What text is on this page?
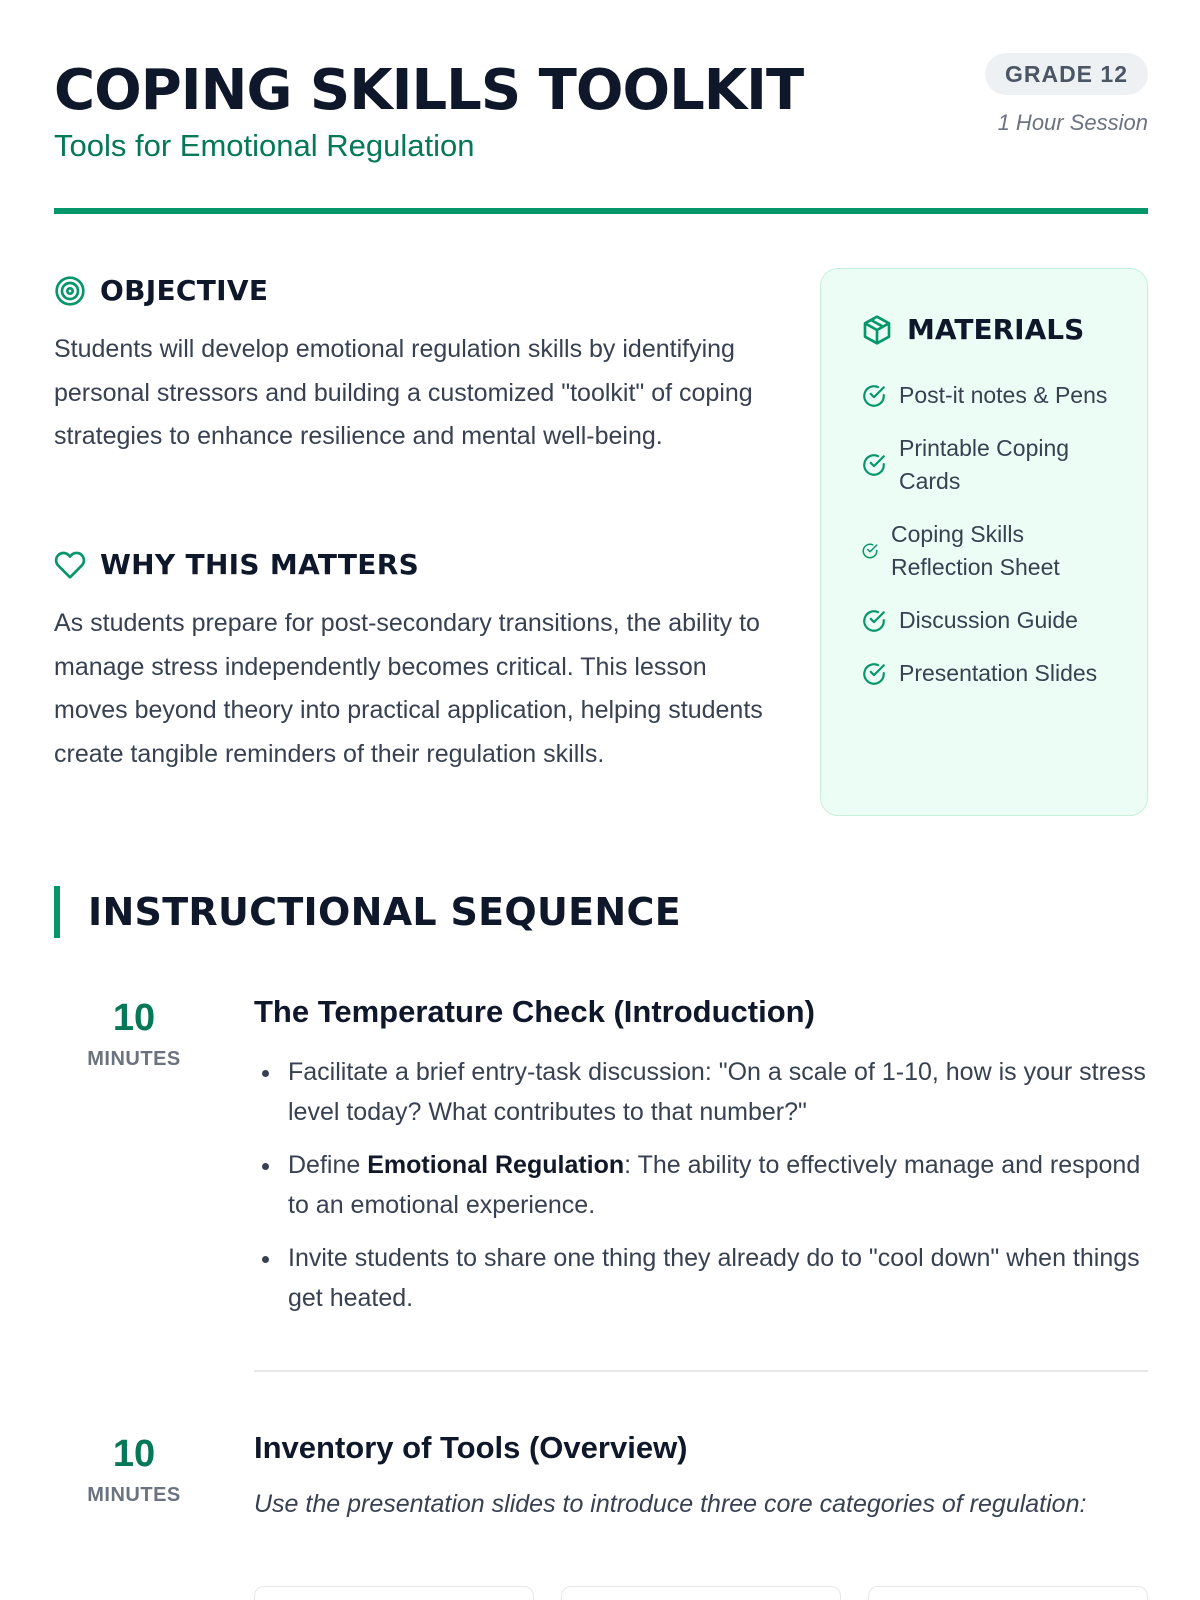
COPING SKILLS TOOLKIT
Tools for Emotional Regulation
GRADE 12
1 Hour Session
OBJECTIVE

Students will develop emotional regulation skills by identifying personal stressors and building a customized "toolkit" of coping strategies to enhance resilience and mental well-being.

WHY THIS MATTERS

As students prepare for post-secondary transitions, the ability to manage stress independently becomes critical. This lesson moves beyond theory into practical application, helping students create tangible reminders of their regulation skills.

MATERIALS
Post-it notes & Pens
Printable Coping Cards
Coping Skills Reflection Sheet
Discussion Guide
Presentation Slides
INSTRUCTIONAL SEQUENCE
10
MINUTES
The Temperature Check (Introduction)
Facilitate a brief entry-task discussion: "On a scale of 1-10, how is your stress level today? What contributes to that number?"
Define Emotional Regulation: The ability to effectively manage and respond to an emotional experience.
Invite students to share one thing they already do to "cool down" when things get heated.
10
MINUTES
Inventory of Tools (Overview)

Use the presentation slides to introduce three core categories of regulation:
